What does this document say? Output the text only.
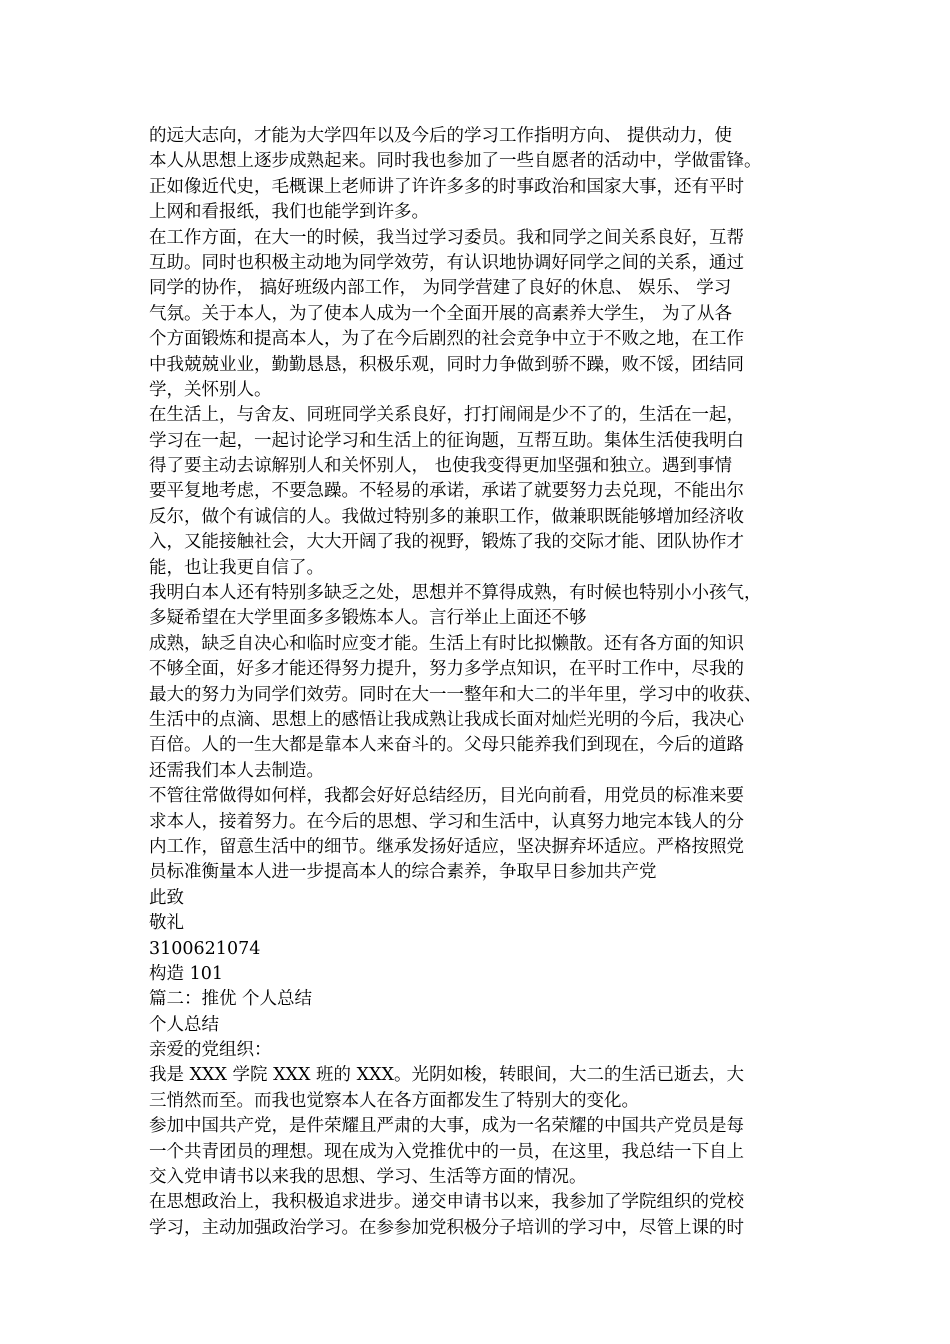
的远大志向，才能为大学四年以及今后的学习工作指明方向、 提供动力，使
本人从思想上逐步成熟起来。同时我也参加了一些自愿者的活动中，学做雷锋。
正如像近代史，毛概课上老师讲了许许多多的时事政治和国家大事，还有平时
上网和看报纸，我们也能学到许多。
在工作方面，在大一的时候，我当过学习委员。我和同学之间关系良好，互帮
互助。同时也积极主动地为同学效劳，有认识地协调好同学之间的关系，通过
同学的协作， 搞好班级内部工作， 为同学营建了良好的休息、 娱乐、 学习
气氛。关于本人，为了使本人成为一个全面开展的高素养大学生， 为了从各
个方面锻炼和提高本人，为了在今后剧烈的社会竞争中立于不败之地，在工作
中我兢兢业业，勤勤恳恳，积极乐观，同时力争做到骄不躁，败不馁，团结同
学，关怀别人。
在生活上，与舍友、同班同学关系良好，打打闹闹是少不了的，生活在一起，
学习在一起，一起讨论学习和生活上的征询题，互帮互助。集体生活使我明白
得了要主动去谅解别人和关怀别人， 也使我变得更加坚强和独立。遇到事情
要平复地考虑，不要急躁。不轻易的承诺，承诺了就要努力去兑现，不能出尔
反尔，做个有诚信的人。我做过特别多的兼职工作，做兼职既能够增加经济收
入，又能接触社会，大大开阔了我的视野，锻炼了我的交际才能、团队协作才
能，也让我更自信了。
我明白本人还有特别多缺乏之处，思想并不算得成熟，有时候也特别小小孩气，
多疑希望在大学里面多多锻炼本人。言行举止上面还不够
成熟，缺乏自决心和临时应变才能。生活上有时比拟懒散。还有各方面的知识
不够全面，好多才能还得努力提升，努力多学点知识，在平时工作中，尽我的
最大的努力为同学们效劳。同时在大一一整年和大二的半年里，学习中的收获、
生活中的点滴、思想上的感悟让我成熟让我成长面对灿烂光明的今后，我决心
百倍。人的一生大都是靠本人来奋斗的。父母只能养我们到现在，今后的道路
还需我们本人去制造。
不管往常做得如何样，我都会好好总结经历，目光向前看，用党员的标准来要
求本人，接着努力。在今后的思想、学习和生活中，认真努力地完本钱人的分
内工作，留意生活中的细节。继承发扬好适应，坚决摒弃坏适应。严格按照党
员标准衡量本人进一步提高本人的综合素养，争取早日参加共产党
此致
敬礼
3100621074
构造 101
篇二：推优 个人总结
个人总结
亲爱的党组织：
我是 XXX 学院 XXX 班的 XXX。光阴如梭，转眼间，大二的生活已逝去，大
三悄然而至。而我也觉察本人在各方面都发生了特别大的变化。
参加中国共产党，是件荣耀且严肃的大事，成为一名荣耀的中国共产党员是每
一个共青团员的理想。现在成为入党推优中的一员，在这里，我总结一下自上
交入党申请书以来我的思想、学习、生活等方面的情况。
在思想政治上，我积极追求进步。递交申请书以来，我参加了学院组织的党校
学习，主动加强政治学习。在参参加党积极分子培训的学习中，尽管上课的时
